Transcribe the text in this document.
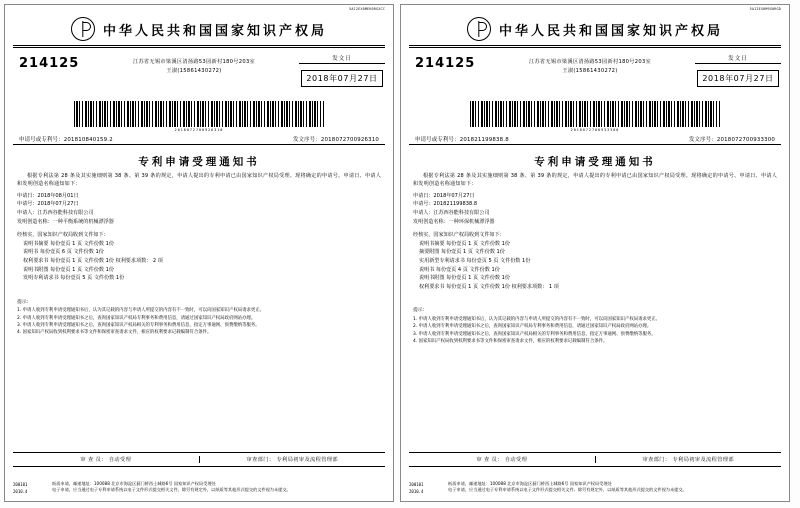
5A12EX0MEK0RGXCC
中华人民共和国国家知识产权局
214125	江苏省无锡市梁溪区清扬路53园新村180号203室
王淑(15861430272)
发文日
2018年07月27日
2018072700926310
申请号或专利号：201810840159.2	发文序号：2018072700926310
专利申请受理通知书
根据专利法第 28 条及其实施细则第 38 条、第 39 条的规定，申请人提出的专利申请已由国家知识产权局受理。现将确定的申请号、申请日、申请人和发明创造名称通知如下：
申请日：2018年08月01日
申请号：2018年07月27日
申请人：江苏西谷能科技有限公司
发明创造名称：一种平衡系统的机械漂浮器
经核实，国家知识产权局收到文件如下：
说明书摘要 每份壹页 1 页 文件份数 1份
说明书 每份壹页 6 页 文件份数 1份
权利要求书 每份壹页 1 页 文件份数 1份 权利要求项数： 2 项
说明书附图 每份壹页 1 页 文件份数 1份
发明专利请求书 每份壹页 5 页 文件份数 1份
提示：
1. 申请人收到专利申请受理通知书后，认为其记载的内容与申请人所提交的内容有不一致时，可以向国家知识产权局请求更正。
2. 申请人收到专利申请受理通知书之后，查询国家知识产权局专利事务和费用信息，请通过国家知识产权局政府网站办理。
3. 申请人收到专利申请受理通知书之后，查询国家知识产权局相关的专利事务和费用信息，指定万事通网、预费缴纳等服务。
4. 国家知识产权局收到权利要求书等文件和保密审查请求文件，相应的权利要求记载编制符合条件。
审 查 员： 自动受理	审查部门： 专利局初审及流程管理部
200101
2010.4
纸质申请，邮递地址：100088 北京市海淀区蓟门桥西土城路6号 国家知识产权局受理处
电子申请，应当通过电子专利申请系统以电子文件形式提交相关文件。除另有规定外，以纸质等其他形式提交的文件视为未提交。
5A12EX0M9G0RGD
中华人民共和国国家知识产权局
214125	江苏省无锡市梁溪区清扬路53园新村180号203室
王淑(15861430272)
发文日
2018年07月27日
2018072700933300
申请号或专利号：201821199838.8	发文序号：2018072700933300
专利申请受理通知书
根据专利法第 28 条及其实施细则第 38 条、第 39 条的规定，申请人提出的专利申请已由国家知识产权局受理。现将确定的申请号、申请日、申请人和发明创造名称通知如下：
申请日：2018年07月27日
申请号：201821199838.8
申请人：江苏西谷能科技有限公司
发明创造名称：一种环保机械漂浮器
经核实，国家知识产权局收到文件如下：
说明书摘要 每份壹页 1 页 文件份数 1份
摘要附图 每份壹页 1 页 文件份数 1份
实用新型专利请求书 每份壹页 5 页 文件份数 1份
说明书 每份壹页 4 页 文件份数 1份
说明书附图 每份壹页 1 页 文件份数 1份
权利要求书 每份壹页 1 页 文件份数 1份 权利要求项数： 1 项
提示：
1. 申请人收到专利申请受理通知书后，认为其记载的内容与申请人所提交的内容有不一致时，可以向国家知识产权局请求更正。
2. 申请人收到专利申请受理通知书之后，查询国家知识产权局专利事务和费用信息，请通过国家知识产权局政府网站办理。
3. 申请人收到专利申请受理通知书之后，查询国家知识产权局相关的专利事务和费用信息，指定万事通网、预费缴纳等服务。
4. 国家知识产权局收到权利要求书等文件和保密审查请求文件，相应的权利要求记载编制符合条件。
审 查 员： 自动受理	审查部门： 专利局初审及流程管理部
200101
2010.4
纸质申请，邮递地址：100088 北京市海淀区蓟门桥西土城路6号 国家知识产权局受理处
电子申请，应当通过电子专利申请系统以电子文件形式提交相关文件。除另有规定外，以纸质等其他形式提交的文件视为未提交。
